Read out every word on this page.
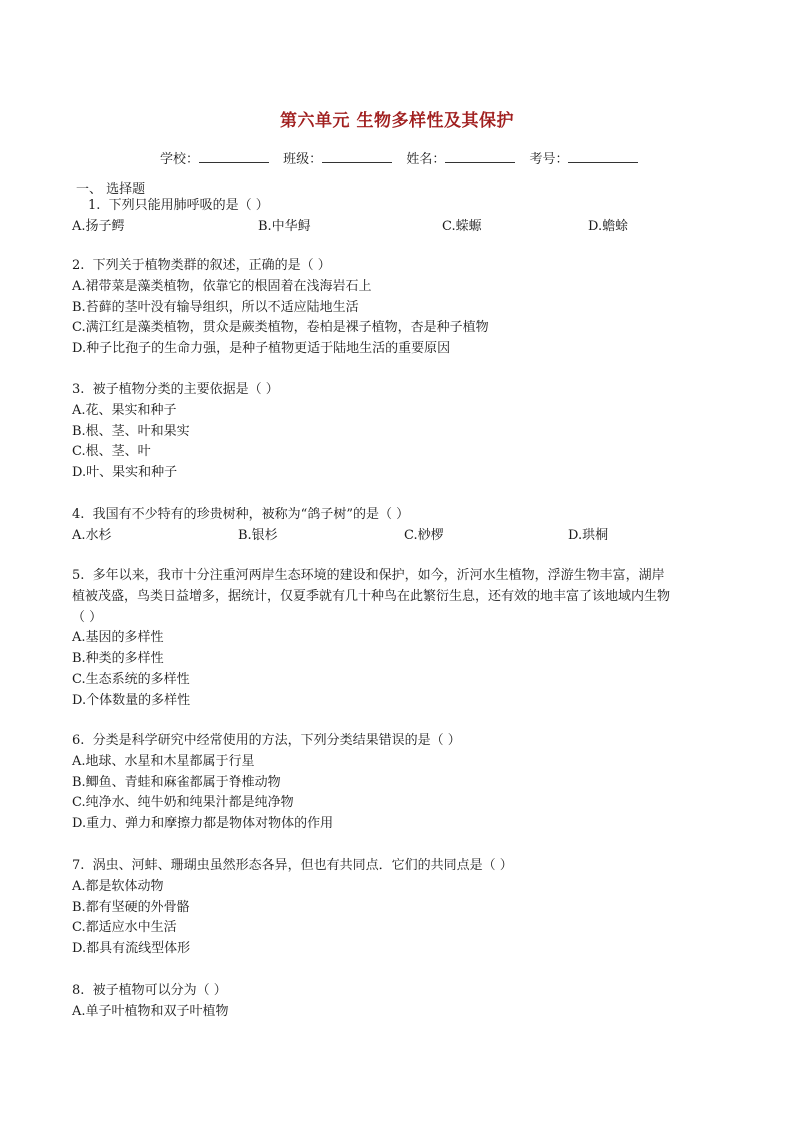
第六单元 生物多样性及其保护
学校：	班级：	姓名：	考号：
一、 选择题
1.  下列只能用肺呼吸的是（ ）
A.扬子鳄	B.中华鲟	C.蝾螈	D.蟾蜍
2.  下列关于植物类群的叙述，正确的是（ ）
A.裙带菜是藻类植物，依靠它的根固着在浅海岩石上
B.苔藓的茎叶没有输导组织，所以不适应陆地生活
C.满江红是藻类植物，贯众是蕨类植物，卷柏是裸子植物，杏是种子植物
D.种子比孢子的生命力强，是种子植物更适于陆地生活的重要原因
3.  被子植物分类的主要依据是（ ）
A.花、果实和种子
B.根、茎、叶和果实
C.根、茎、叶
D.叶、果实和种子
4.  我国有不少特有的珍贵树种，被称为“鸽子树”的是（ ）
A.水杉	B.银杉	C.桫椤	D.珙桐
5.  多年以来，我市十分注重河两岸生态环境的建设和保护，如今，沂河水生植物，浮游生物丰富，湖岸
植被茂盛，鸟类日益增多，据统计，仅夏季就有几十种鸟在此繁衍生息，还有效的地丰富了该地域内生物
（ ）
A.基因的多样性
B.种类的多样性
C.生态系统的多样性
D.个体数量的多样性
6.  分类是科学研究中经常使用的方法，下列分类结果错误的是（ ）
A.地球、水星和木星都属于行星
B.鲫鱼、青蛙和麻雀都属于脊椎动物
C.纯净水、纯牛奶和纯果汁都是纯净物
D.重力、弹力和摩擦力都是物体对物体的作用
7.  涡虫、河蚌、珊瑚虫虽然形态各异，但也有共同点．它们的共同点是（ ）
A.都是软体动物
B.都有坚硬的外骨骼
C.都适应水中生活
D.都具有流线型体形
8.  被子植物可以分为（ ）
A.单子叶植物和双子叶植物
